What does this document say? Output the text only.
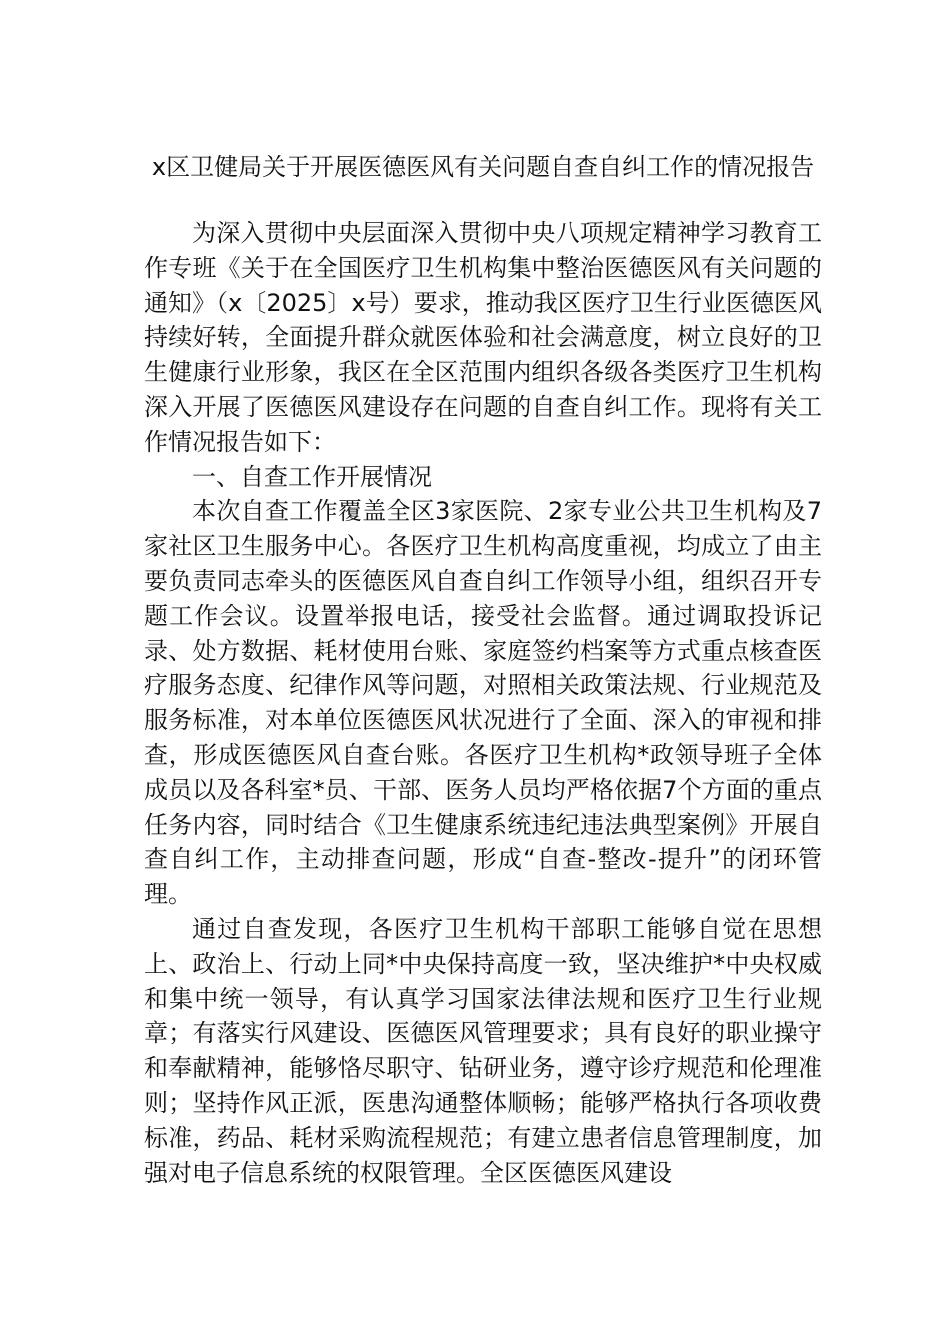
x区卫健局关于开展医德医风有关问题自查自纠工作的情况报告

为深入贯彻中央层面深入贯彻中央八项规定精神学习教育工作专班《关于在全国医疗卫生机构集中整治医德医风有关问题的通知》（x〔2025〕x号）要求，推动我区医疗卫生行业医德医风持续好转，全面提升群众就医体验和社会满意度，树立良好的卫生健康行业形象，我区在全区范围内组织各级各类医疗卫生机构深入开展了医德医风建设存在问题的自查自纠工作。现将有关工作情况报告如下：

一、自查工作开展情况

本次自查工作覆盖全区3家医院、2家专业公共卫生机构及7家社区卫生服务中心。各医疗卫生机构高度重视，均成立了由主要负责同志牵头的医德医风自查自纠工作领导小组，组织召开专题工作会议。设置举报电话，接受社会监督。通过调取投诉记录、处方数据、耗材使用台账、家庭签约档案等方式重点核查医疗服务态度、纪律作风等问题，对照相关政策法规、行业规范及服务标准，对本单位医德医风状况进行了全面、深入的审视和排查，形成医德医风自查台账。各医疗卫生机构*政领导班子全体成员以及各科室*员、干部、医务人员均严格依据7个方面的重点任务内容，同时结合《卫生健康系统违纪违法典型案例》开展自查自纠工作，主动排查问题，形成“自查-整改-提升”的闭环管理。

通过自查发现，各医疗卫生机构干部职工能够自觉在思想上、政治上、行动上同*中央保持高度一致，坚决维护*中央权威和集中统一领导，有认真学习国家法律法规和医疗卫生行业规章；有落实行风建设、医德医风管理要求；具有良好的职业操守和奉献精神，能够恪尽职守、钻研业务，遵守诊疗规范和伦理准则；坚持作风正派，医患沟通整体顺畅；能够严格执行各项收费标准，药品、耗材采购流程规范；有建立患者信息管理制度，加强对电子信息系统的权限管理。全区医德医风建设
